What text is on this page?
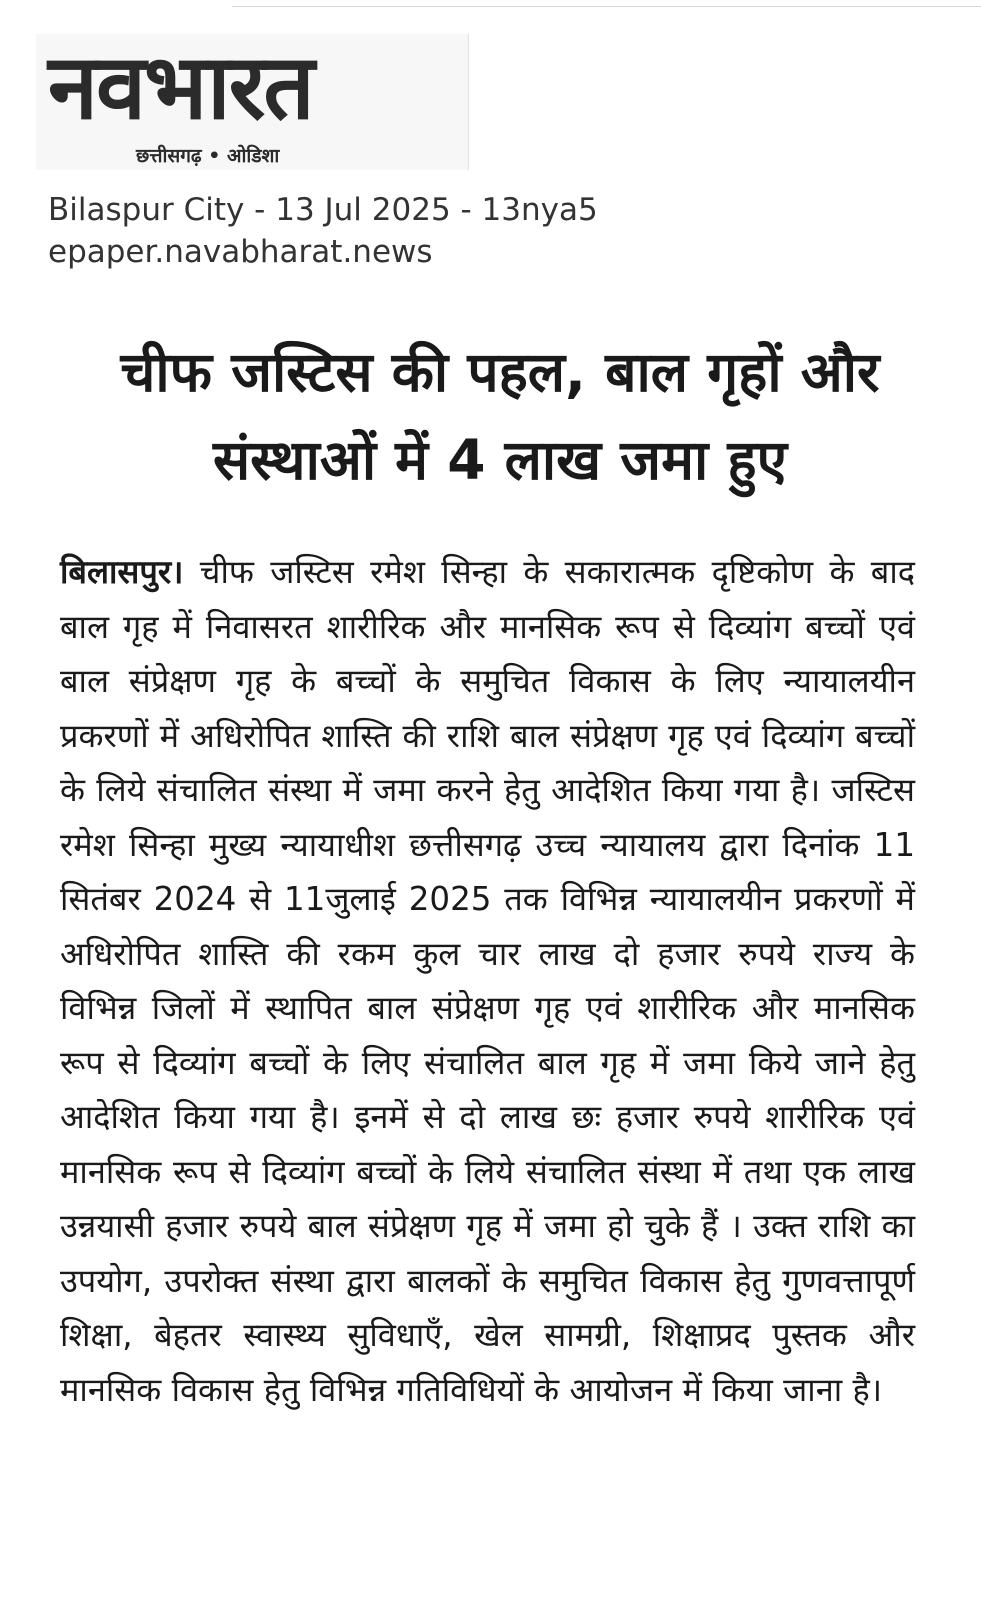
नवभारत
छत्तीसगढ़ • ओडिशा
Bilaspur City - 13 Jul 2025 - 13nya5
epaper.navabharat.news
चीफ जस्टिस की पहल, बाल गृहों और संस्थाओं में 4 लाख जमा हुए

बिलासपुर। चीफ जस्टिस रमेश सिन्हा के सकारात्मक दृष्टिकोण के बाद बाल गृह में निवासरत शारीरिक और मानसिक रूप से दिव्यांग बच्चों एवं बाल संप्रेक्षण गृह के बच्चों के समुचित विकास के लिए न्यायालयीन प्रकरणों में अधिरोपित शास्ति की राशि बाल संप्रेक्षण गृह एवं दिव्यांग बच्चों के लिये संचालित संस्था में जमा करने हेतु आदेशित किया गया है। जस्टिस रमेश सिन्हा मुख्य न्यायाधीश छत्तीसगढ़ उच्च न्यायालय द्वारा दिनांक 11 सितंबर 2024 से 11जुलाई 2025 तक विभिन्न न्यायालयीन प्रकरणों में अधिरोपित शास्ति की रकम कुल चार लाख दो हजार रुपये राज्य के विभिन्न जिलों में स्थापित बाल संप्रेक्षण गृह एवं शारीरिक और मानसिक रूप से दिव्यांग बच्चों के लिए संचालित बाल गृह में जमा किये जाने हेतु आदेशित किया गया है। इनमें से दो लाख छः हजार रुपये शारीरिक एवं मानसिक रूप से दिव्यांग बच्चों के लिये संचालित संस्था में तथा एक लाख उन्नयासी हजार रुपये बाल संप्रेक्षण गृह में जमा हो चुके हैं । उक्त राशि का उपयोग, उपरोक्त संस्था द्वारा बालकों के समुचित विकास हेतु गुणवत्तापूर्ण शिक्षा, बेहतर स्वास्थ्य सुविधाएँ, खेल सामग्री, शिक्षाप्रद पुस्तक और मानसिक विकास हेतु विभिन्न गतिविधियों के आयोजन में किया जाना है।
